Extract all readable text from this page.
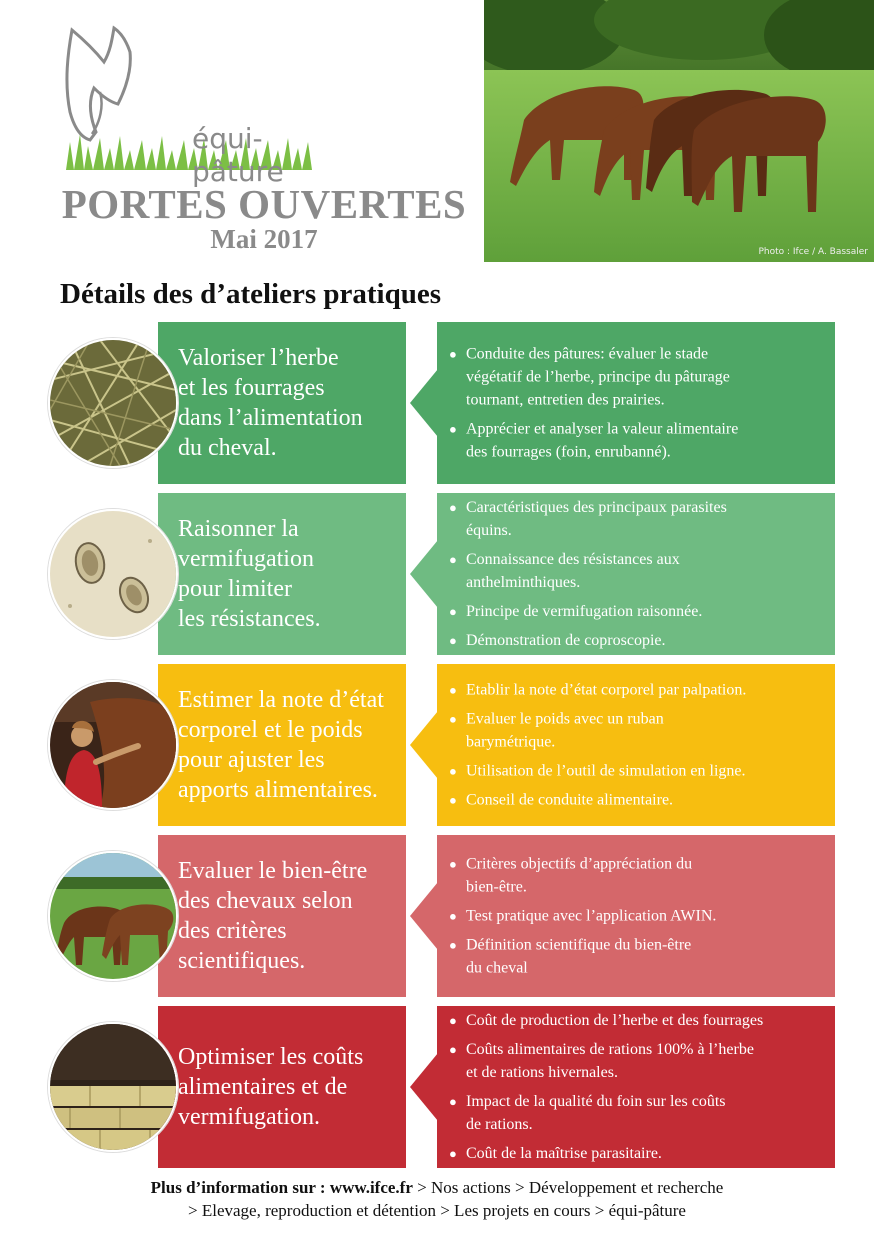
équi-pâture
PORTES OUVERTES
Mai 2017	Photo : Ifce / A. Bassaler
Détails des d’ateliers pratiques
Valoriser l’herbe
et les fourrages
dans l’alimentation
du cheval.
● Conduite des pâtures: évaluer le stade
végétatif de l’herbe, principe du pâturage
tournant, entretien des prairies.
● Apprécier et analyser la valeur alimentaire
des fourrages (foin, enrubanné).
Raisonner la
vermifugation
pour limiter
les résistances.
● Caractéristiques des principaux parasites
équins.
● Connaissance des résistances aux
anthelminthiques.
● Principe de vermifugation raisonnée.
● Démonstration de coproscopie.
Estimer la note d’état
corporel et le poids
pour ajuster les
apports alimentaires.
● Etablir la note d’état corporel par palpation.
● Evaluer le poids avec un ruban
barymétrique.
● Utilisation de l’outil de simulation en ligne.
● Conseil de conduite alimentaire.
Evaluer le bien-être
des chevaux selon
des critères
scientifiques.
● Critères objectifs d’appréciation du
bien-être.
● Test pratique avec l’application AWIN.
● Définition scientifique du bien-être
du cheval
Optimiser les coûts
alimentaires et de
vermifugation.
● Coût de production de l’herbe et des fourrages
● Coûts alimentaires de rations 100% à l’herbe
et de rations hivernales.
● Impact de la qualité du foin sur les coûts
de rations.
● Coût de la maîtrise parasitaire.
Plus d’information sur : www.ifce.fr > Nos actions > Développement et recherche
> Elevage, reproduction et détention > Les projets en cours > équi-pâture
